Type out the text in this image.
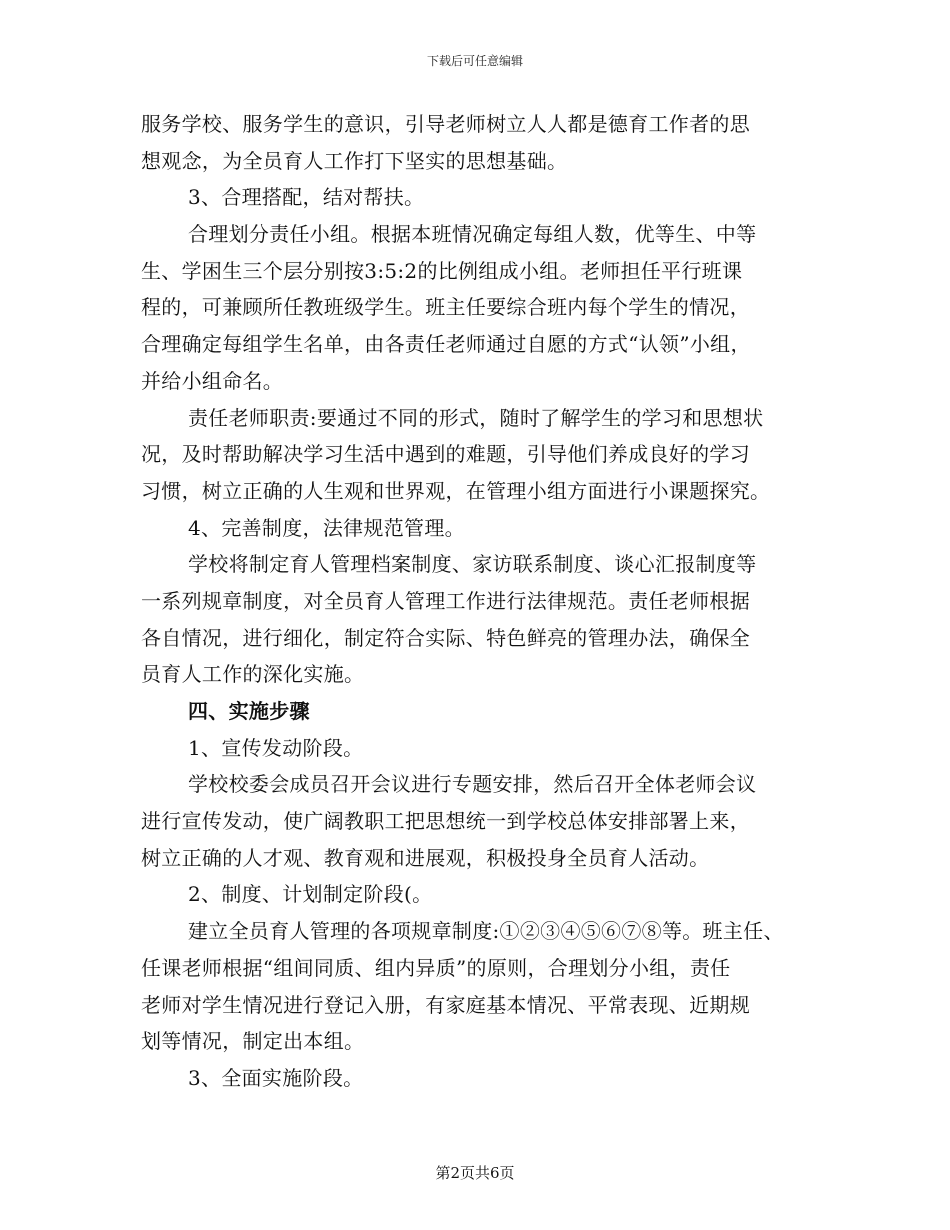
下载后可任意编辑
服务学校、服务学生的意识，引导老师树立人人都是德育工作者的思
想观念，为全员育人工作打下坚实的思想基础。
3、合理搭配，结对帮扶。
合理划分责任小组。根据本班情况确定每组人数，优等生、中等
生、学困生三个层分别按3:5:2的比例组成小组。老师担任平行班课
程的，可兼顾所任教班级学生。班主任要综合班内每个学生的情况，
合理确定每组学生名单，由各责任老师通过自愿的方式“认领”小组，
并给小组命名。
责任老师职责:要通过不同的形式，随时了解学生的学习和思想状
况，及时帮助解决学习生活中遇到的难题，引导他们养成良好的学习
习惯，树立正确的人生观和世界观，在管理小组方面进行小课题探究。
4、完善制度，法律规范管理。
学校将制定育人管理档案制度、家访联系制度、谈心汇报制度等
一系列规章制度，对全员育人管理工作进行法律规范。责任老师根据
各自情况，进行细化，制定符合实际、特色鲜亮的管理办法，确保全
员育人工作的深化实施。
四、实施步骤
1、宣传发动阶段。
学校校委会成员召开会议进行专题安排，然后召开全体老师会议
进行宣传发动，使广阔教职工把思想统一到学校总体安排部署上来，
树立正确的人才观、教育观和进展观，积极投身全员育人活动。
2、制度、计划制定阶段(。
建立全员育人管理的各项规章制度:①②③④⑤⑥⑦⑧等。班主任、
任课老师根据“组间同质、组内异质”的原则，合理划分小组，责任
老师对学生情况进行登记入册，有家庭基本情况、平常表现、近期规
划等情况，制定出本组。
3、全面实施阶段。
第2页共6页
